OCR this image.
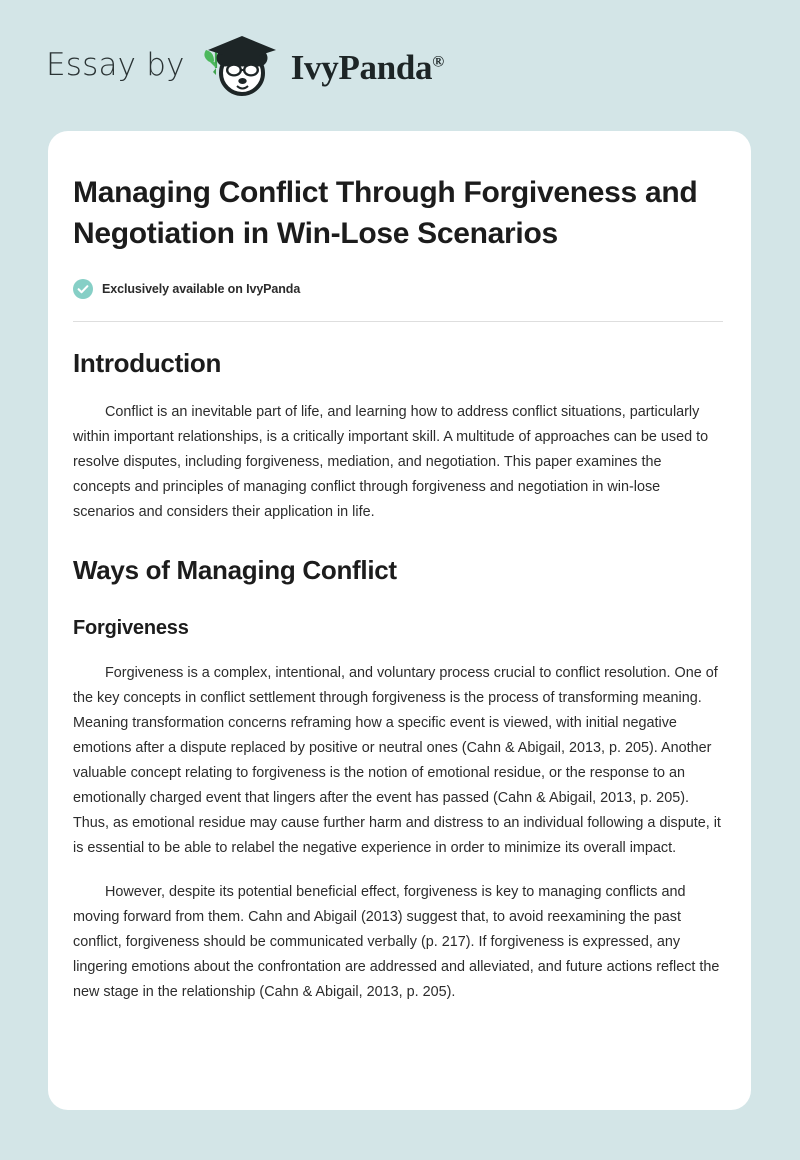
Essay by	IvyPanda®
Managing Conflict Through Forgiveness and Negotiation in Win-Lose Scenarios
Exclusively available on IvyPanda
Introduction

Conflict is an inevitable part of life, and learning how to address conflict situations, particularly within important relationships, is a critically important skill. A multitude of approaches can be used to resolve disputes, including forgiveness, mediation, and negotiation. This paper examines the concepts and principles of managing conflict through forgiveness and negotiation in win-lose scenarios and considers their application in life.

Ways of Managing Conflict
Forgiveness

Forgiveness is a complex, intentional, and voluntary process crucial to conflict resolution. One of the key concepts in conflict settlement through forgiveness is the process of transforming meaning. Meaning transformation concerns reframing how a specific event is viewed, with initial negative emotions after a dispute replaced by positive or neutral ones (Cahn & Abigail, 2013, p. 205). Another valuable concept relating to forgiveness is the notion of emotional residue, or the response to an emotionally charged event that lingers after the event has passed (Cahn & Abigail, 2013, p. 205). Thus, as emotional residue may cause further harm and distress to an individual following a dispute, it is essential to be able to relabel the negative experience in order to minimize its overall impact.

However, despite its potential beneficial effect, forgiveness is key to managing conflicts and moving forward from them. Cahn and Abigail (2013) suggest that, to avoid reexamining the past conflict, forgiveness should be communicated verbally (p. 217). If forgiveness is expressed, any lingering emotions about the confrontation are addressed and alleviated, and future actions reflect the new stage in the relationship (Cahn & Abigail, 2013, p. 205).
